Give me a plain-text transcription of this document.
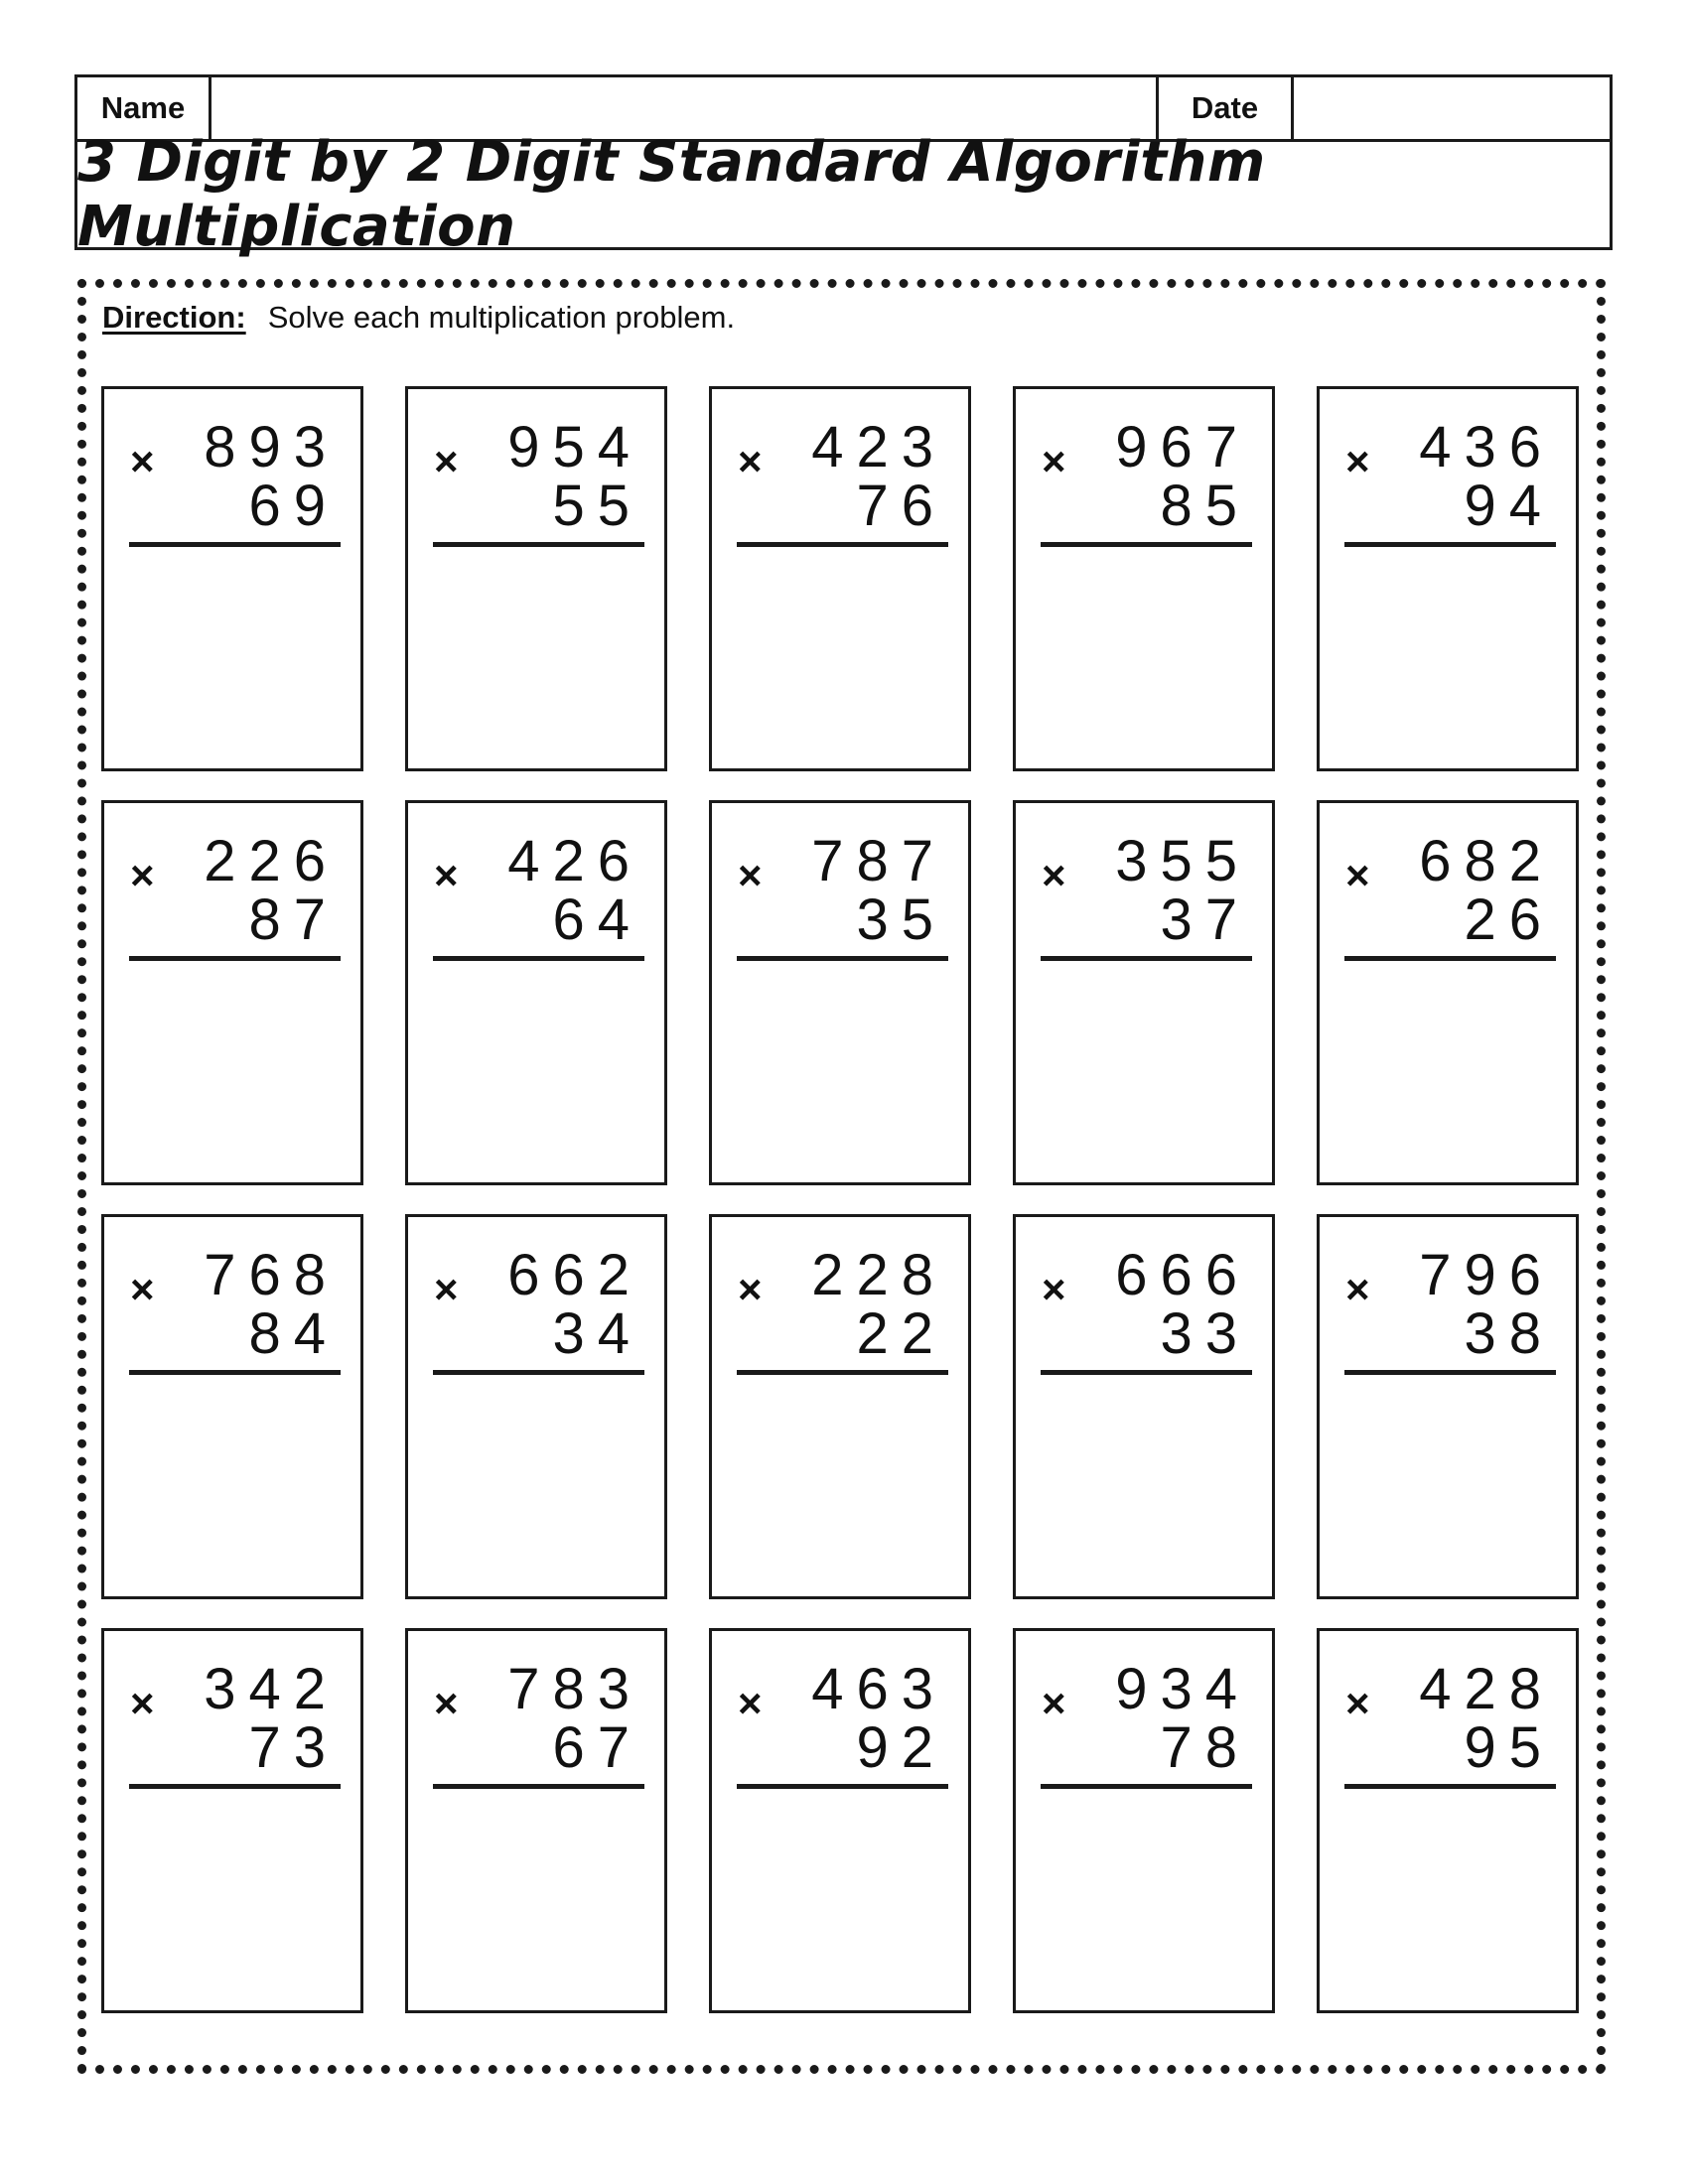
Name	Date
3 Digit by 2 Digit Standard Algorithm Multiplication
Direction: Solve each multiplication problem.
× 893
69
× 954
55
× 423
76
× 967
85
× 436
94
× 226
87
× 426
64
× 787
35
× 355
37
× 682
26
× 768
84
× 662
34
× 228
22
× 666
33
× 796
38
× 342
73
× 783
67
× 463
92
× 934
78
× 428
95
